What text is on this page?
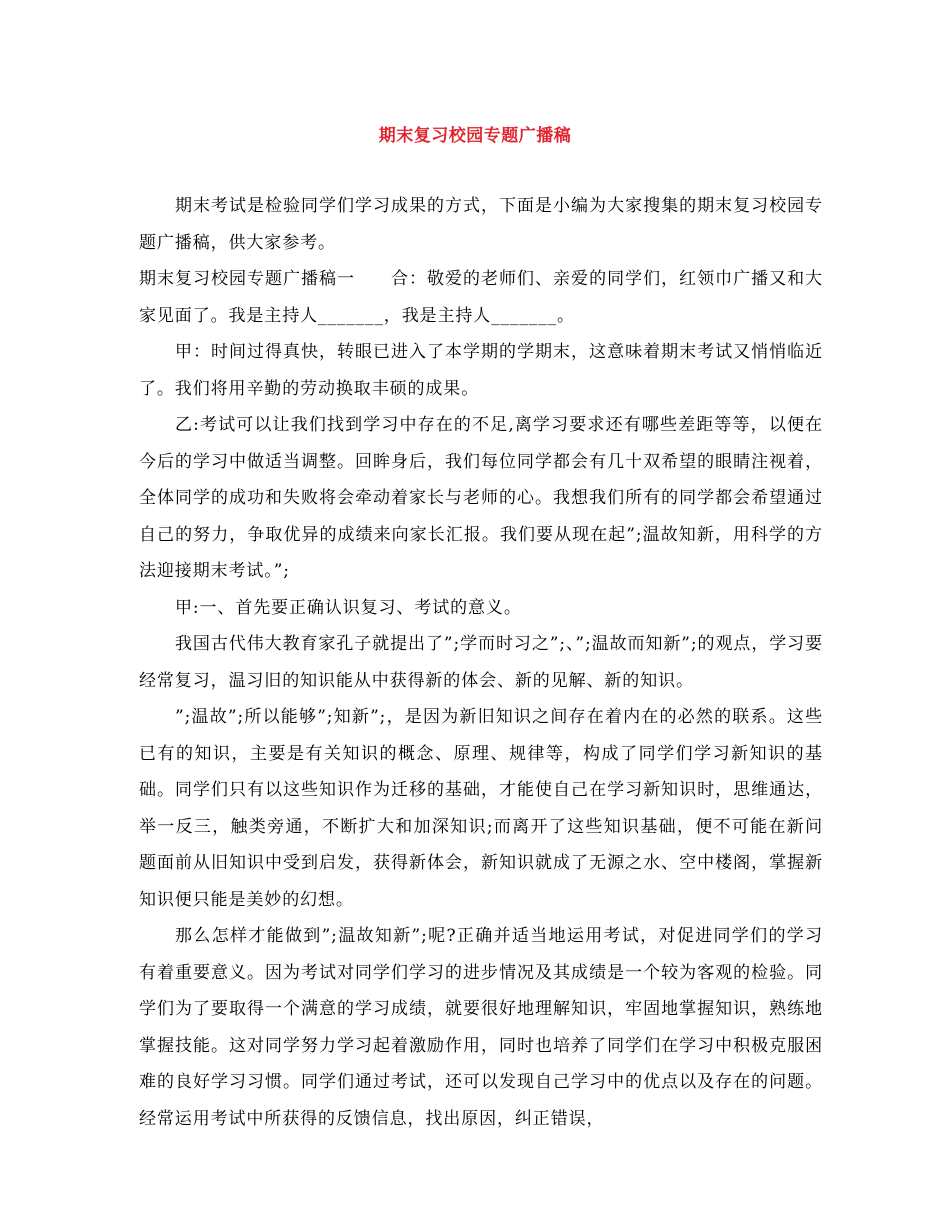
期末复习校园专题广播稿

期末考试是检验同学们学习成果的方式，下面是小编为大家搜集的期末复习校园专题广播稿，供大家参考。

期末复习校园专题广播稿一　　合：敬爱的老师们、亲爱的同学们，红领巾广播又和大家见面了。我是主持人_______，我是主持人_______。

甲：时间过得真快，转眼已进入了本学期的学期末，这意味着期末考试又悄悄临近了。我们将用辛勤的劳动换取丰硕的成果。

乙:考试可以让我们找到学习中存在的不足,离学习要求还有哪些差距等等，以便在今后的学习中做适当调整。回眸身后，我们每位同学都会有几十双希望的眼睛注视着，全体同学的成功和失败将会牵动着家长与老师的心。我想我们所有的同学都会希望通过自己的努力，争取优异的成绩来向家长汇报。我们要从现在起”;温故知新，用科学的方法迎接期末考试。”;

甲:一、首先要正确认识复习、考试的意义。

我国古代伟大教育家孔子就提出了”;学而时习之”;、”;温故而知新”;的观点，学习要经常复习，温习旧的知识能从中获得新的体会、新的见解、新的知识。

”;温故”;所以能够”;知新”;，是因为新旧知识之间存在着内在的必然的联系。这些已有的知识，主要是有关知识的概念、原理、规律等，构成了同学们学习新知识的基础。同学们只有以这些知识作为迁移的基础，才能使自己在学习新知识时，思维通达，举一反三，触类旁通，不断扩大和加深知识;而离开了这些知识基础，便不可能在新问题面前从旧知识中受到启发，获得新体会，新知识就成了无源之水、空中楼阁，掌握新知识便只能是美妙的幻想。

那么怎样才能做到”;温故知新”;呢?正确并适当地运用考试，对促进同学们的学习有着重要意义。因为考试对同学们学习的进步情况及其成绩是一个较为客观的检验。同学们为了要取得一个满意的学习成绩，就要很好地理解知识，牢固地掌握知识，熟练地掌握技能。这对同学努力学习起着激励作用，同时也培养了同学们在学习中积极克服困难的良好学习习惯。同学们通过考试，还可以发现自己学习中的优点以及存在的问题。经常运用考试中所获得的反馈信息，找出原因，纠正错误，
